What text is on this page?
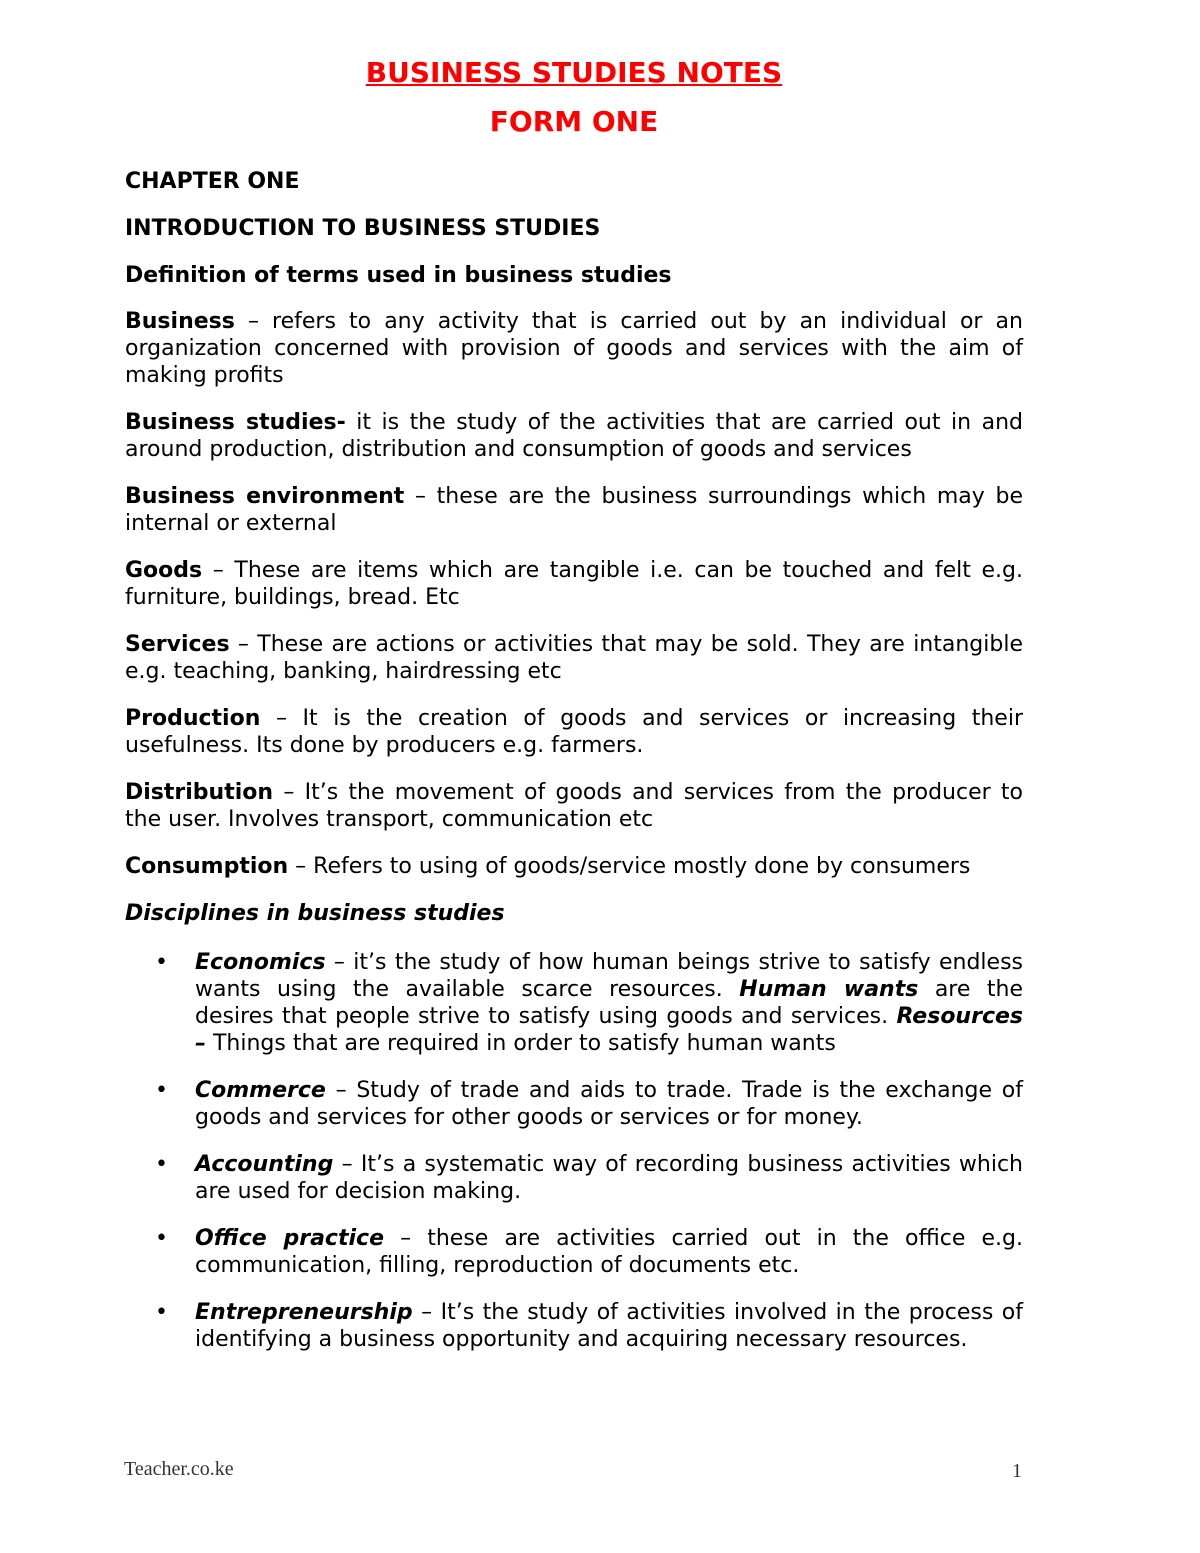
BUSINESS STUDIES NOTES

FORM ONE

CHAPTER ONE

INTRODUCTION TO BUSINESS STUDIES

Definition of terms used in business studies

Business – refers to any activity that is carried out by an individual or an organization concerned with provision of goods and services with the aim of making profits

Business studies- it is the study of the activities that are carried out in and around production, distribution and consumption of goods and services

Business environment – these are the business surroundings which may be internal or external

Goods – These are items which are tangible i.e. can be touched and felt e.g. furniture, buildings, bread. Etc

Services – These are actions or activities that may be sold. They are intangible e.g. teaching, banking, hairdressing etc

Production – It is the creation of goods and services or increasing their usefulness. Its done by producers e.g. farmers.

Distribution – It’s the movement of goods and services from the producer to the user. Involves transport, communication etc

Consumption – Refers to using of goods/service mostly done by consumers

Disciplines in business studies

• Economics – it’s the study of how human beings strive to satisfy endless wants using the available scarce resources. Human wants are the desires that people strive to satisfy using goods and services. Resources – Things that are required in order to satisfy human wants
• Commerce – Study of trade and aids to trade. Trade is the exchange of goods and services for other goods or services or for money.
• Accounting – It’s a systematic way of recording business activities which are used for decision making.
• Office practice – these are activities carried out in the office e.g. communication, filling, reproduction of documents etc.
• Entrepreneurship – It’s the study of activities involved in the process of identifying a business opportunity and acquiring necessary resources.
Teacher.co.ke	1
